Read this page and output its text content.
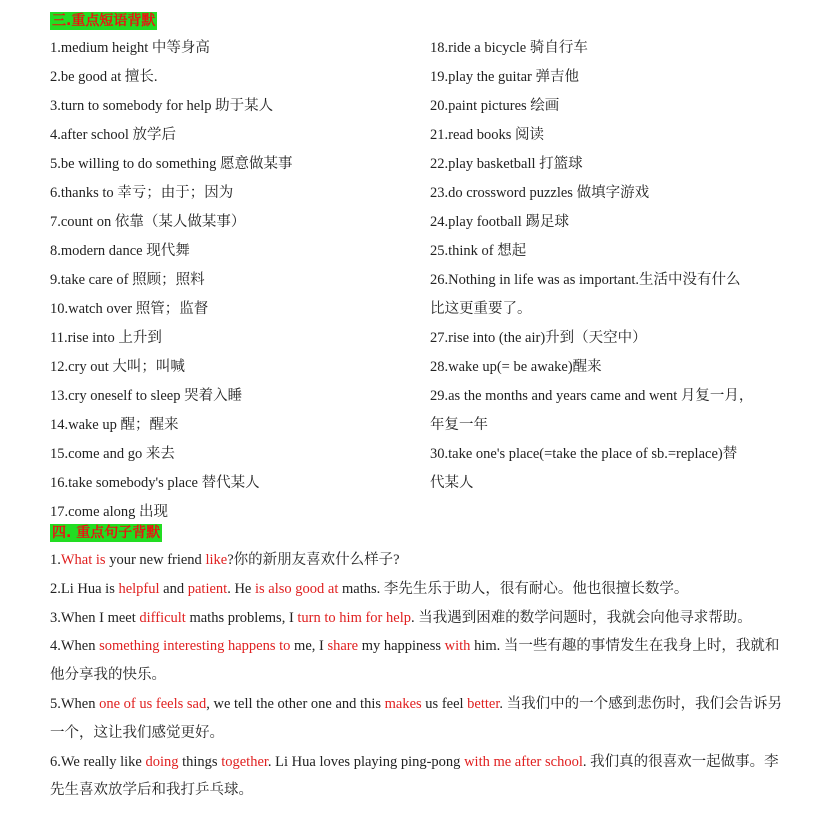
三.重点短语背默
1.medium height 中等身高
2.be good at 擅长.
3.turn to somebody for help 助于某人
4.after school 放学后
5.be willing to do something 愿意做某事
6.thanks to 幸亏；由于；因为
7.count on 依靠（某人做某事）
8.modern dance 现代舞
9.take care of 照顾；照料
10.watch over 照管；监督
11.rise into 上升到
12.cry out 大叫；叫喊
13.cry oneself to sleep 哭着入睡
14.wake up 醒；醒来
15.come and go 来去
16.take somebody's place 替代某人
17.come along 出现
18.ride a bicycle 骑自行车
19.play the guitar 弹吉他
20.paint pictures 绘画
21.read books 阅读
22.play basketball 打篮球
23.do crossword puzzles 做填字游戏
24.play football 踢足球
25.think of 想起
26.Nothing in life was as important.生活中没有什么
比这更重要了。
27.rise into (the air)升到（天空中）
28.wake up(= be awake)醒来
29.as the months and years came and went 月复一月，
年复一年
30.take one's place(=take the place of sb.=replace)替
代某人
四. 重点句子背默

1.What is your new friend like?你的新朋友喜欢什么样子?

2.Li Hua is helpful and patient. He is also good at maths. 李先生乐于助人，很有耐心。他也很擅长数学。

3.When I meet difficult maths problems, I turn to him for help. 当我遇到困难的数学问题时，我就会向他寻求帮助。

4.When something interesting happens to me, I share my happiness with him. 当一些有趣的事情发生在我身上时，我就和他分享我的快乐。

5.When one of us feels sad, we tell the other one and this makes us feel better. 当我们中的一个感到悲伤时，我们会告诉另一个，这让我们感觉更好。

6.We really like doing things together. Li Hua loves playing ping-pong with me after school. 我们真的很喜欢一起做事。李先生喜欢放学后和我打乒乓球。
